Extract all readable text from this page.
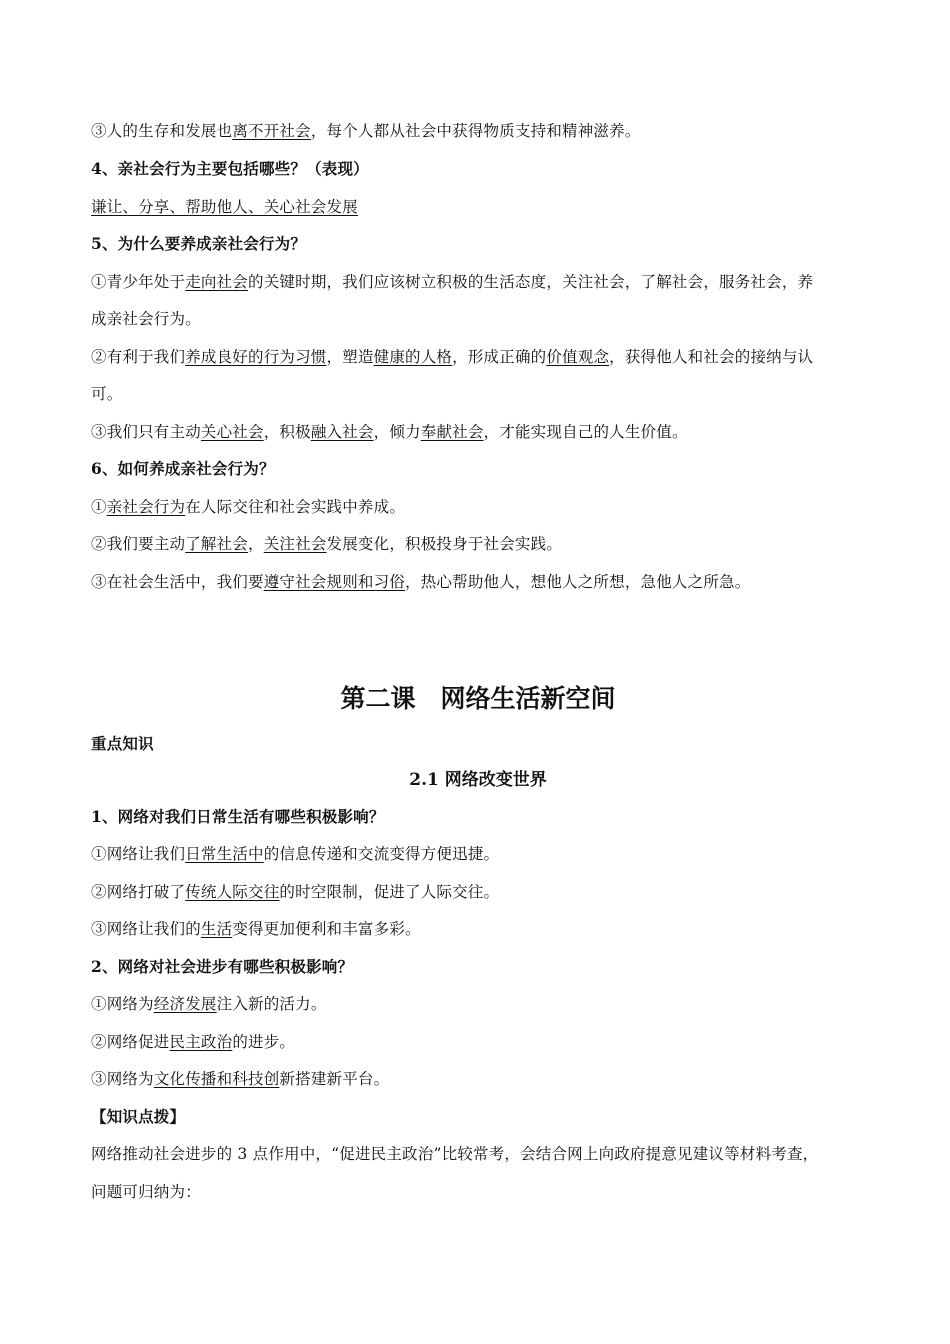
③人的生存和发展也离不开社会，每个人都从社会中获得物质支持和精神滋养。
4、亲社会行为主要包括哪些？（表现）
谦让、分享、帮助他人、关心社会发展
5、为什么要养成亲社会行为？
①青少年处于走向社会的关键时期，我们应该树立积极的生活态度，关注社会，了解社会，服务社会，养
成亲社会行为。
②有利于我们养成良好的行为习惯，塑造健康的人格，形成正确的价值观念，获得他人和社会的接纳与认
可。
③我们只有主动关心社会，积极融入社会，倾力奉献社会，才能实现自己的人生价值。
6、如何养成亲社会行为？
①亲社会行为在人际交往和社会实践中养成。
②我们要主动了解社会，关注社会发展变化，积极投身于社会实践。
③在社会生活中，我们要遵守社会规则和习俗，热心帮助他人，想他人之所想，急他人之所急。
第二课　网络生活新空间
重点知识
2.1 网络改变世界
1、网络对我们日常生活有哪些积极影响？
①网络让我们日常生活中的信息传递和交流变得方便迅捷。
②网络打破了传统人际交往的时空限制，促进了人际交往。
③网络让我们的生活变得更加便利和丰富多彩。
2、网络对社会进步有哪些积极影响？
①网络为经济发展注入新的活力。
②网络促进民主政治的进步。
③网络为文化传播和科技创新搭建新平台。
【知识点拨】
网络推动社会进步的 3 点作用中，“促进民主政治”比较常考，会结合网上向政府提意见建议等材料考查，
问题可归纳为：
